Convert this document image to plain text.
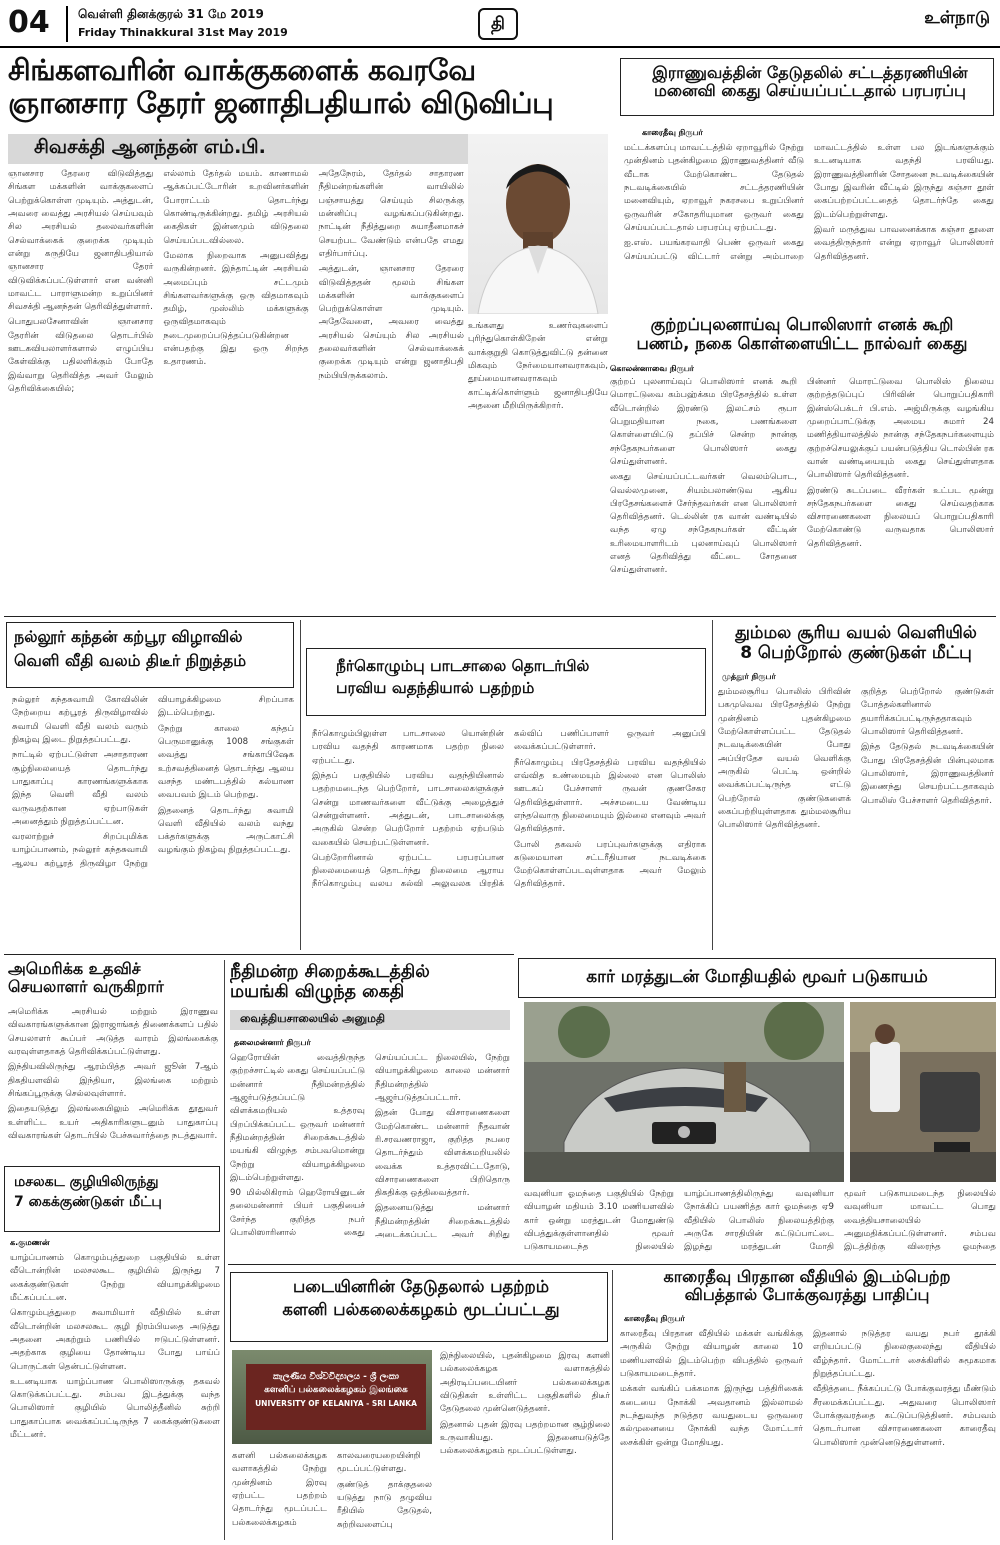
04 வெள்ளி தினக்குரல் 31 மே 2019
Friday Thinakkural 31st May 2019	தி	உள்நாடு
சிங்களவரின் வாக்குகளைக் கவரவே
ஞானசார தேரர் ஜனாதிபதியால் விடுவிப்பு
சிவசக்தி ஆனந்தன் எம்.பி.

ஞானசார தேரரை விடுவித்தது சிங்கள மக்களின் வாக்குகளைப் பெற்றுக்கொள்ள முடியும். அத்துடன், அவரை வைத்து அரசியல் செய்யவும் சில அரசியல் தலைவர்களின் செல்வாக்கைக் குறைக்க முடியும் என்று கருதியே ஜனாதிபதியால் ஞானசார தேரர் விடுவிக்கப்பட்டுள்ளார் என வன்னி மாவட்ட பாராளுமன்ற உறுப்பினர் சிவசக்தி ஆனந்தன் தெரிவித்துள்ளார்.

பொதுபலசேனாவின் ஞானசார தேரரின் விடுதலை தொடர்பில் ஊடகவியலாளர்களால் எழுப்பிய கேள்விக்கு பதிலளிக்கும் போதே இவ்வாறு தெரிவித்த அவர் மேலும் தெரிவிக்கையில்;

எல்லாம் தேர்தல் மயம். காணாமல் ஆக்கப்பட்டோரின் உறவினர்களின் போராட்டம் தொடர்ந்து கொண்டிருக்கின்றது. தமிழ் அரசியல் கைதிகள் இன்னமும் விடுதலை செய்யப்படவில்லை.

மேலாக நிறைவாக அனுபவித்து வருகின்றனர். இந்தாட்டின் அரசியல் அமைப்பும் சட்டமும் சிங்களவர்களுக்கு ஒரு விதமாகவும் தமிழ், முஸ்லிம் மக்களுக்கு ஒருவிதமாகவும் நடைமுறைப்படுத்தப்படுகின்றன என்பதற்கு இது ஒரு சிறந்த உதாரணம்.

அதேநேரம், தேர்தல் சாதாரண நீதிமன்றங்களின் வாயிலில் பஞ்சாயத்து செய்யும் சிலருக்கு மன்னிப்பு வழங்கப்படுகின்றது. நாட்டின் நீதித்துறை சுயாதீனமாகச் செயற்பட வேண்டும் என்பதே எமது எதிர்பார்ப்பு.

அத்துடன், ஞானசார தேரரை விடுவித்ததன் மூலம் சிங்கள மக்களின் வாக்குகளைப் பெற்றுக்கொள்ள முடியும். அதேவேளை, அவரை வைத்து அரசியல் செய்யும் சில அரசியல் தலைவர்களின் செல்வாக்கைக் குறைக்க முடியும் என்று ஜனாதிபதி நம்பியிருக்கலாம்.

உங்களது உணர்வுகளைப் புரிந்துகொள்கிறேன் என்று வாக்குறுதி கொடுத்துவிட்டு தன்னை மிகவும் நேர்மையானவராகவும், தூய்மையானவராகவும் காட்டிக்கொள்ளும் ஜனாதிபதியே அதனை மீறியிருக்கிறார்.

இராணுவத்தின் தேடுதலில் சட்டத்தரணியின்
மனைவி கைது செய்யப்பட்டதால் பரபரப்பு
காரைதீவு நிருபர்

மட்டக்களப்பு மாவட்டத்தில் ஏறாவூரில் நேற்று முன்தினம் புதன்கிழமை இராணுவத்தினர் வீடு வீடாக மேற்கொண்ட தேடுதல் நடவடிக்கையில் சட்டத்தரணியின் மனைவியும், ஏறாவூர் நகரசபை உறுப்பினர் ஒருவரின் சகோதரியுமான ஒருவர் கைது செய்யப்பட்டதால் பரபரப்பு ஏற்பட்டது.

ஐ.எஸ். பயங்கரவாதி பெண் ஒருவர் கைது செய்யப்பட்டு விட்டார் என்று அம்பாறை மாவட்டத்தில் உள்ள பல இடங்களுக்கும் உடனடியாக வதந்தி பரவியது. இராணுவத்தினரின் சோதனை நடவடிக்கையின் போது இவரின் வீட்டில் இருந்து கஞ்சா தூள் கைப்பற்றப்பட்டதைத் தொடர்ந்தே கைது இடம்பெற்றுள்ளது.

இவர் மருத்துவ பாவனைக்காக கஞ்சா தூளை வைத்திருந்தார் என்று ஏறாவூர் பொலிஸார் தெரிவித்தனர்.

குற்றப்புலனாய்வு பொலிஸார் எனக் கூறி
பணம், நகை கொள்ளையிட்ட நால்வர் கைது
கொலன்னாவை நிருபர்

குற்றப் புலனாய்வுப் பொலிஸார் எனக் கூறி மொரட்டுவை கம்பஹ்க்கம பிரதேசத்தில் உள்ள வீடொன்றில் இரண்டு இலட்சம் ரூபா பெறுமதியான நகை, பணங்களை கொள்ளையிட்டு தப்பிச் சென்ற நான்கு சந்தேகநபர்களை பொலிஸார் கைது செய்துள்ளனர்.

கைது செய்யப்பட்டவர்கள் வெலம்பொட, வெல்லமுனை, சியம்பலாண்டுவ ஆகிய பிரதேசங்களைச் சேர்ந்தவர்கள் என பொலிஸார் தெரிவித்தனர். டெல்லின் ரக வான் வண்டியில் வந்த ஏழு சந்தேகநபர்கள் வீட்டின் உரிமையாளரிடம் புலனாய்வுப் பொலிஸார் எனத் தெரிவித்து வீட்டை சோதனை செய்துள்ளனர்.

பின்னர் மொரட்டுவை பொலிஸ் நிலைய குற்றத்தடுப்புப் பிரிவின் பொறுப்பதிகாரி இன்ஸ்பெக்டர் பி.எம். அஜ்மிருக்கு வழங்கிய முறைப்பாட்டுக்கு அமைய சுமார் 24 மணித்தியாலத்தில் நான்கு சந்தேகநபர்களையும் குற்றச்செயலுக்குப் பயன்படுத்திய டொல்பின் ரக வான் வண்டியையும் கைது செய்துள்ளதாக பொலிஸார் தெரிவித்தனர்.

இரண்டு சுடப்படை வீரர்கள் உட்பட மூன்று சந்தேகநபர்களை கைது செய்வதற்காக விசாரணைகளை நிலையப் பொறுப்பதிகாரி மேற்கொண்டு வருவதாக பொலிஸார் தெரிவித்தனர்.

நல்லூர் கந்தன் கற்பூர விழாவில்
வெளி வீதி வலம் திடீர் நிறுத்தம்

நல்லூர் கந்தசுவாமி கோவிலின் நேற்றைய கற்பூரத் திருவிழாவில் சுவாமி வெளி வீதி வலம் வரும் நிகழ்வு இடை நிறுத்தப்பட்டது.

நாட்டில் ஏற்பட்டுள்ள அசாதாரண சூழ்நிலையைத் தொடர்ந்து பாதுகாப்பு காரணங்களுக்காக இந்த வெளி வீதி வலம் வருவதற்கான ஏற்பாடுகள் அனைத்தும் நிறுத்தப்பட்டன.

வரலாற்றுச் சிறப்புமிக்க யாழ்ப்பாணம், நல்லூர் கந்தசுவாமி ஆலய கற்பூரத் திருவிழா நேற்று வியாழக்கிழமை சிறப்பாக இடம்பெற்றது.

நேற்று காலை கந்தப் பெருமானுக்கு 1008 சங்குகள் வைத்து சங்காபிஷேக உற்சவத்தினைத் தொடர்ந்து ஆலய வசந்த மண்டபத்தில் கல்யாண வைபவம் இடம் பெற்றது.

இதனைத் தொடர்ந்து சுவாமி வெளி வீதியில் வலம் வந்து பக்தர்களுக்கு அருட்காட்சி வழங்கும் நிகழ்வு நிறுத்தப்பட்டது.

நீர்கொழும்பு பாடசாலை தொடர்பில்
பரவிய வதந்தியால் பதற்றம்

நீர்கொழும்பிலுள்ள பாடசாலை யொன்றின் பரவிய வதந்தி காரணமாக பதற்ற நிலை ஏற்பட்டது.

இந்தப் பகுதியில் பரவிய வதந்தியினால் பதற்றமடைந்த பெற்றோர், பாடசாலைகளுக்குச் சென்று மாணவர்களை வீட்டுக்கு அழைத்துச் சென்றுள்ளனர். அத்துடன், பாடசாலைக்கு அருகில் சென்ற பெற்றோர் பதற்றம் ஏற்படும் வகையில் செயற்பட்டுள்ளனர்.

பெற்றோரினால் ஏற்பட்ட பரபரப்பான நிலைமையைத் தொடர்ந்து நிலைமை ஆராய நீர்கொழும்பு வலய கல்வி அலுவலக பிரதிக் கல்விப் பணிப்பாளர் ஒருவர் அனுப்பி வைக்கப்பட்டுள்ளார்.

நீர்கொழும்பு பிரதேசத்தில் பரவிய வதந்தியில் எவ்வித உண்மையும் இல்லை என பொலிஸ் ஊடகப் பேச்சாளர் ருவன் குணசேகர தெரிவித்துள்ளார். அச்சமடைய வேண்டிய எந்தவொரு நிலைமையும் இல்லை எனவும் அவர் தெரிவித்தார்.

போலி தகவல் பரப்புவர்களுக்கு எதிராக கடுமையான சட்டரீதியான நடவடிக்கை மேற்கொள்ளப்படவுள்ளதாக அவர் மேலும் தெரிவித்தார்.

தும்மல சூரிய வயல் வெளியில்
8 பெற்றோல் குண்டுகள் மீட்பு
முத்தூர் நிருபர்

தும்மலசூரிய பொலிஸ் பிரிவின் பகமுவெவ பிரதேசத்தில் நேற்று முன்தினம் புதன்கிழமை மேற்கொள்ளப்பட்ட தேடுதல் நடவடிக்கையின் போது அப்பிரதேச வயல் வெளிக்கு அருகில் பெட்டி ஒன்றில் வைக்கப்பட்டிருந்த எட்டு பெற்றோல் குண்டுகளைக் கைப்பற்றியுள்ளதாக தும்மலசூரிய பொலிஸார் தெரிவித்தனர்.

குறித்த பெற்றோல் குண்டுகள் போத்தல்களினால் தயாரிக்கப்பட்டிருந்ததாகவும் பொலிஸார் தெரிவித்தனர்.

இந்த தேடுதல் நடவடிக்கையின் போது பிரதேசத்தின் பின்புலமாக பொலிஸார், இராணுவத்தினர் இணைந்து செயற்பட்டதாகவும் பொலிஸ் பேச்சாளர் தெரிவித்தார்.

அமெரிக்க உதவிச்
செயலாளர் வருகிறார்

அமெரிக்க அரசியல் மற்றும் இராணுவ விவகாரங்களுக்கான இராஜாங்கத் திணைக்களப் பதில் செயலாளர் கூப்பர் அடுத்த வாரம் இலங்கைக்கு வரவுள்ளதாகத் தெரிவிக்கப்பட்டுள்ளது.

இந்தியவிலிருந்து ஆரம்பித்த அவர் ஜூன் 7ஆம் திகதியளவில் இந்தியா, இலங்கை மற்றும் சிங்கப்பூருக்கு செல்லவுள்ளார்.

இதையடுத்து இலங்கையிலும் அமெரிக்க தூதுவர் உள்ளிட்ட உயர் அதிகாரிகளுடனும் பாதுகாப்பு விவகாரங்கள் தொடர்பில் பேச்சுவார்த்தை நடத்துவார்.

மசலகட குழியிலிருந்து
7 கைக்குண்டுகள் மீட்பு
க.குமணன்

யாழ்ப்பாணம் கொழும்புத்துறை பகுதியில் உள்ள வீடொன்றின் மலசலகூட குழியில் இருந்து 7 கைக்குண்டுகள் நேற்று வியாழக்கிழமை மீட்கப்பட்டன.

கொழும்புத்துறை சுவாமியார் வீதியில் உள்ள வீடொன்றின் மலசலகூட குழி நிரம்பியதை அடுத்து அதனை அகற்றும் பணியில் ஈடுபட்டுள்ளனர். அதற்காக குழியை தோண்டிய போது பாய்ப் பொருட்கள் தென்பட்டுள்ளன.

உடனடியாக யாழ்ப்பாண பொலிஸாருக்கு தகவல் கொடுக்கப்பட்டது. சம்பவ இடத்துக்கு வந்த பொலிஸார் குழியில் பொலித்தீனில் சுற்றி பாதுகாப்பாக வைக்கப்பட்டிருந்த 7 கைக்குண்டுகளை மீட்டனர்.

நீதிமன்ற சிறைக்கூடத்தில்
மயங்கி விழுந்த கைதி
வைத்தியசாலையில் அனுமதி
தலைமன்னார் நிருபர்

ஹெரோயின் வைத்திருந்த குற்றச்சாட்டில் கைது செய்யப்பட்டு மன்னார் நீதிமன்றத்தில் ஆஜர்படுத்தப்பட்டு விளக்கமறியல் உத்தரவு பிறப்பிக்கப்பட்ட ஒருவர் மன்னார் நீதிமன்றத்தின் சிறைக்கூடத்தில் மயங்கி விழுந்த சம்பவமொன்று நேற்று வியாழக்கிழமை இடம்பெற்றுள்ளது.

90 மில்லிகிராம் ஹெரோயினுடன் தலைமன்னார் பியர் பகுதியைச் சேர்ந்த குறித்த நபர் பொலிஸாரினால் கைது செய்யப்பட்ட நிலையில், நேற்று வியாழக்கிழமை காலை மன்னார் நீதிமன்றத்தில் ஆஜர்படுத்தப்பட்டார்.

இதன் போது விசாரணைகளை மேற்கொண்ட மன்னார் நீதவான் ரி.சரவணராஜா, குறித்த நபரை தொடர்ந்தும் விளக்கமறியலில் வைக்க உத்தரவிட்டதோடு, விசாரணைகளை பிறிதொரு திகதிக்கு ஒத்திவைத்தார்.

இதனையடுத்து மன்னார் நீதிமன்றத்தின் சிறைக்கூடத்தில் அடைக்கப்பட்ட அவர் சிறிது

கார் மரத்துடன் மோதியதில் மூவர் படுகாயம்
வவுனியா ஓமந்தை பகுதியில் நேற்று வியாழன் மதியம் 3.10 மணியளவில் கார் ஒன்று மரத்துடன் மோதுண்டு விபத்துக்குள்ளானதில் மூவர் படுகாயமடைந்த நிலையில்
யாழ்ப்பாணத்திலிருந்து வவுனியா நோக்கிப் பயணித்த கார் ஓமந்தை ஏ9 வீதியில் பொலிஸ் நிலையத்திற்கு அருகே சாரதியின் கட்டுப்பாட்டை இழந்து மரத்துடன் மோதி
மூவர் படுகாயமடைந்த நிலையில் வவுனியா மாவட்ட பொது வைத்தியசாலையில் அனுமதிக்கப்பட்டுள்ளனர். சம்பவ இடத்திற்கு விரைந்த ஓமந்தை
படையினரின் தேடுதலால் பதற்றம்
களனி பல்கலைக்கழகம் மூடப்பட்டது
කැලණිය විශ්වවිද්‍යාලය - ශ්‍රී ලංකා
களனிப் பல்கலைக்கழகம் இலங்கை
UNIVERSITY OF KELANIYA - SRI LANKA

களனி பல்கலைக்கழக வளாகத்தில் நேற்று முன்தினம் இரவு ஏற்பட்ட பதற்றம் தொடர்ந்து மூடப்பட்ட பல்கலைக்கழகம் காலவரையறையின்றி மூடப்பட்டுள்ளது.

குண்டுத் தாக்குதலை யடுத்து நாடு தழுவிய ரீதியில் தேடுதல், சுற்றிவளைப்பு

இந்நிலையில், புதன்கிழமை இரவு களனி பல்கலைக்கழக வளாகத்தில் அதிரடிப்படையினர் பல்கலைக்கழக விடுதிகள் உள்ளிட்ட பகுதிகளில் திடீர் தேடுதலை முன்னெடுத்தனர்.

இதனால் புதன் இரவு பதற்றமான சூழ்நிலை உருவாகியது. இதனையடுத்தே பல்கலைக்கழகம் மூடப்பட்டுள்ளது.

காரைதீவு பிரதான வீதியில் இடம்பெற்ற
விபத்தால் போக்குவரத்து பாதிப்பு
காரைதீவு நிருபர்

காரைதீவு பிரதான வீதியில் மக்கள் வங்கிக்கு அருகில் நேற்று வியாழன் காலை 10 மணியளவில் இடம்பெற்ற விபத்தில் ஒருவர் படுகாயமடைந்தார்.

மக்கள் வங்கிப் பக்கமாக இருந்து பத்திரிகைக் கடையை நோக்கி அவதானம் இல்லாமல் நடந்துவந்த நடுத்தர வயதுடைய ஒருவரை கல்முனையை நோக்கி வந்த மோட்டார் சைக்கிள் ஒன்று மோதியது.

இதனால் நடுத்தர வயது நபர் தூக்கி எறியப்பட்டு நிலைகுலைந்து வீதியில் வீழ்ந்தார். மோட்டார் சைக்கிளில் சுமூகமாக நிறுத்தப்பட்டது.

வீதித்தடை நீக்கப்பட்டு போக்குவரத்து மீண்டும் சீரமைக்கப்பட்டது. அதுவரை பொலிஸார் போக்குவரத்தை கட்டுப்படுத்தினர். சம்பவம் தொடர்பான விசாரணைகளை காரைதீவு பொலிஸார் முன்னெடுத்துள்ளனர்.
